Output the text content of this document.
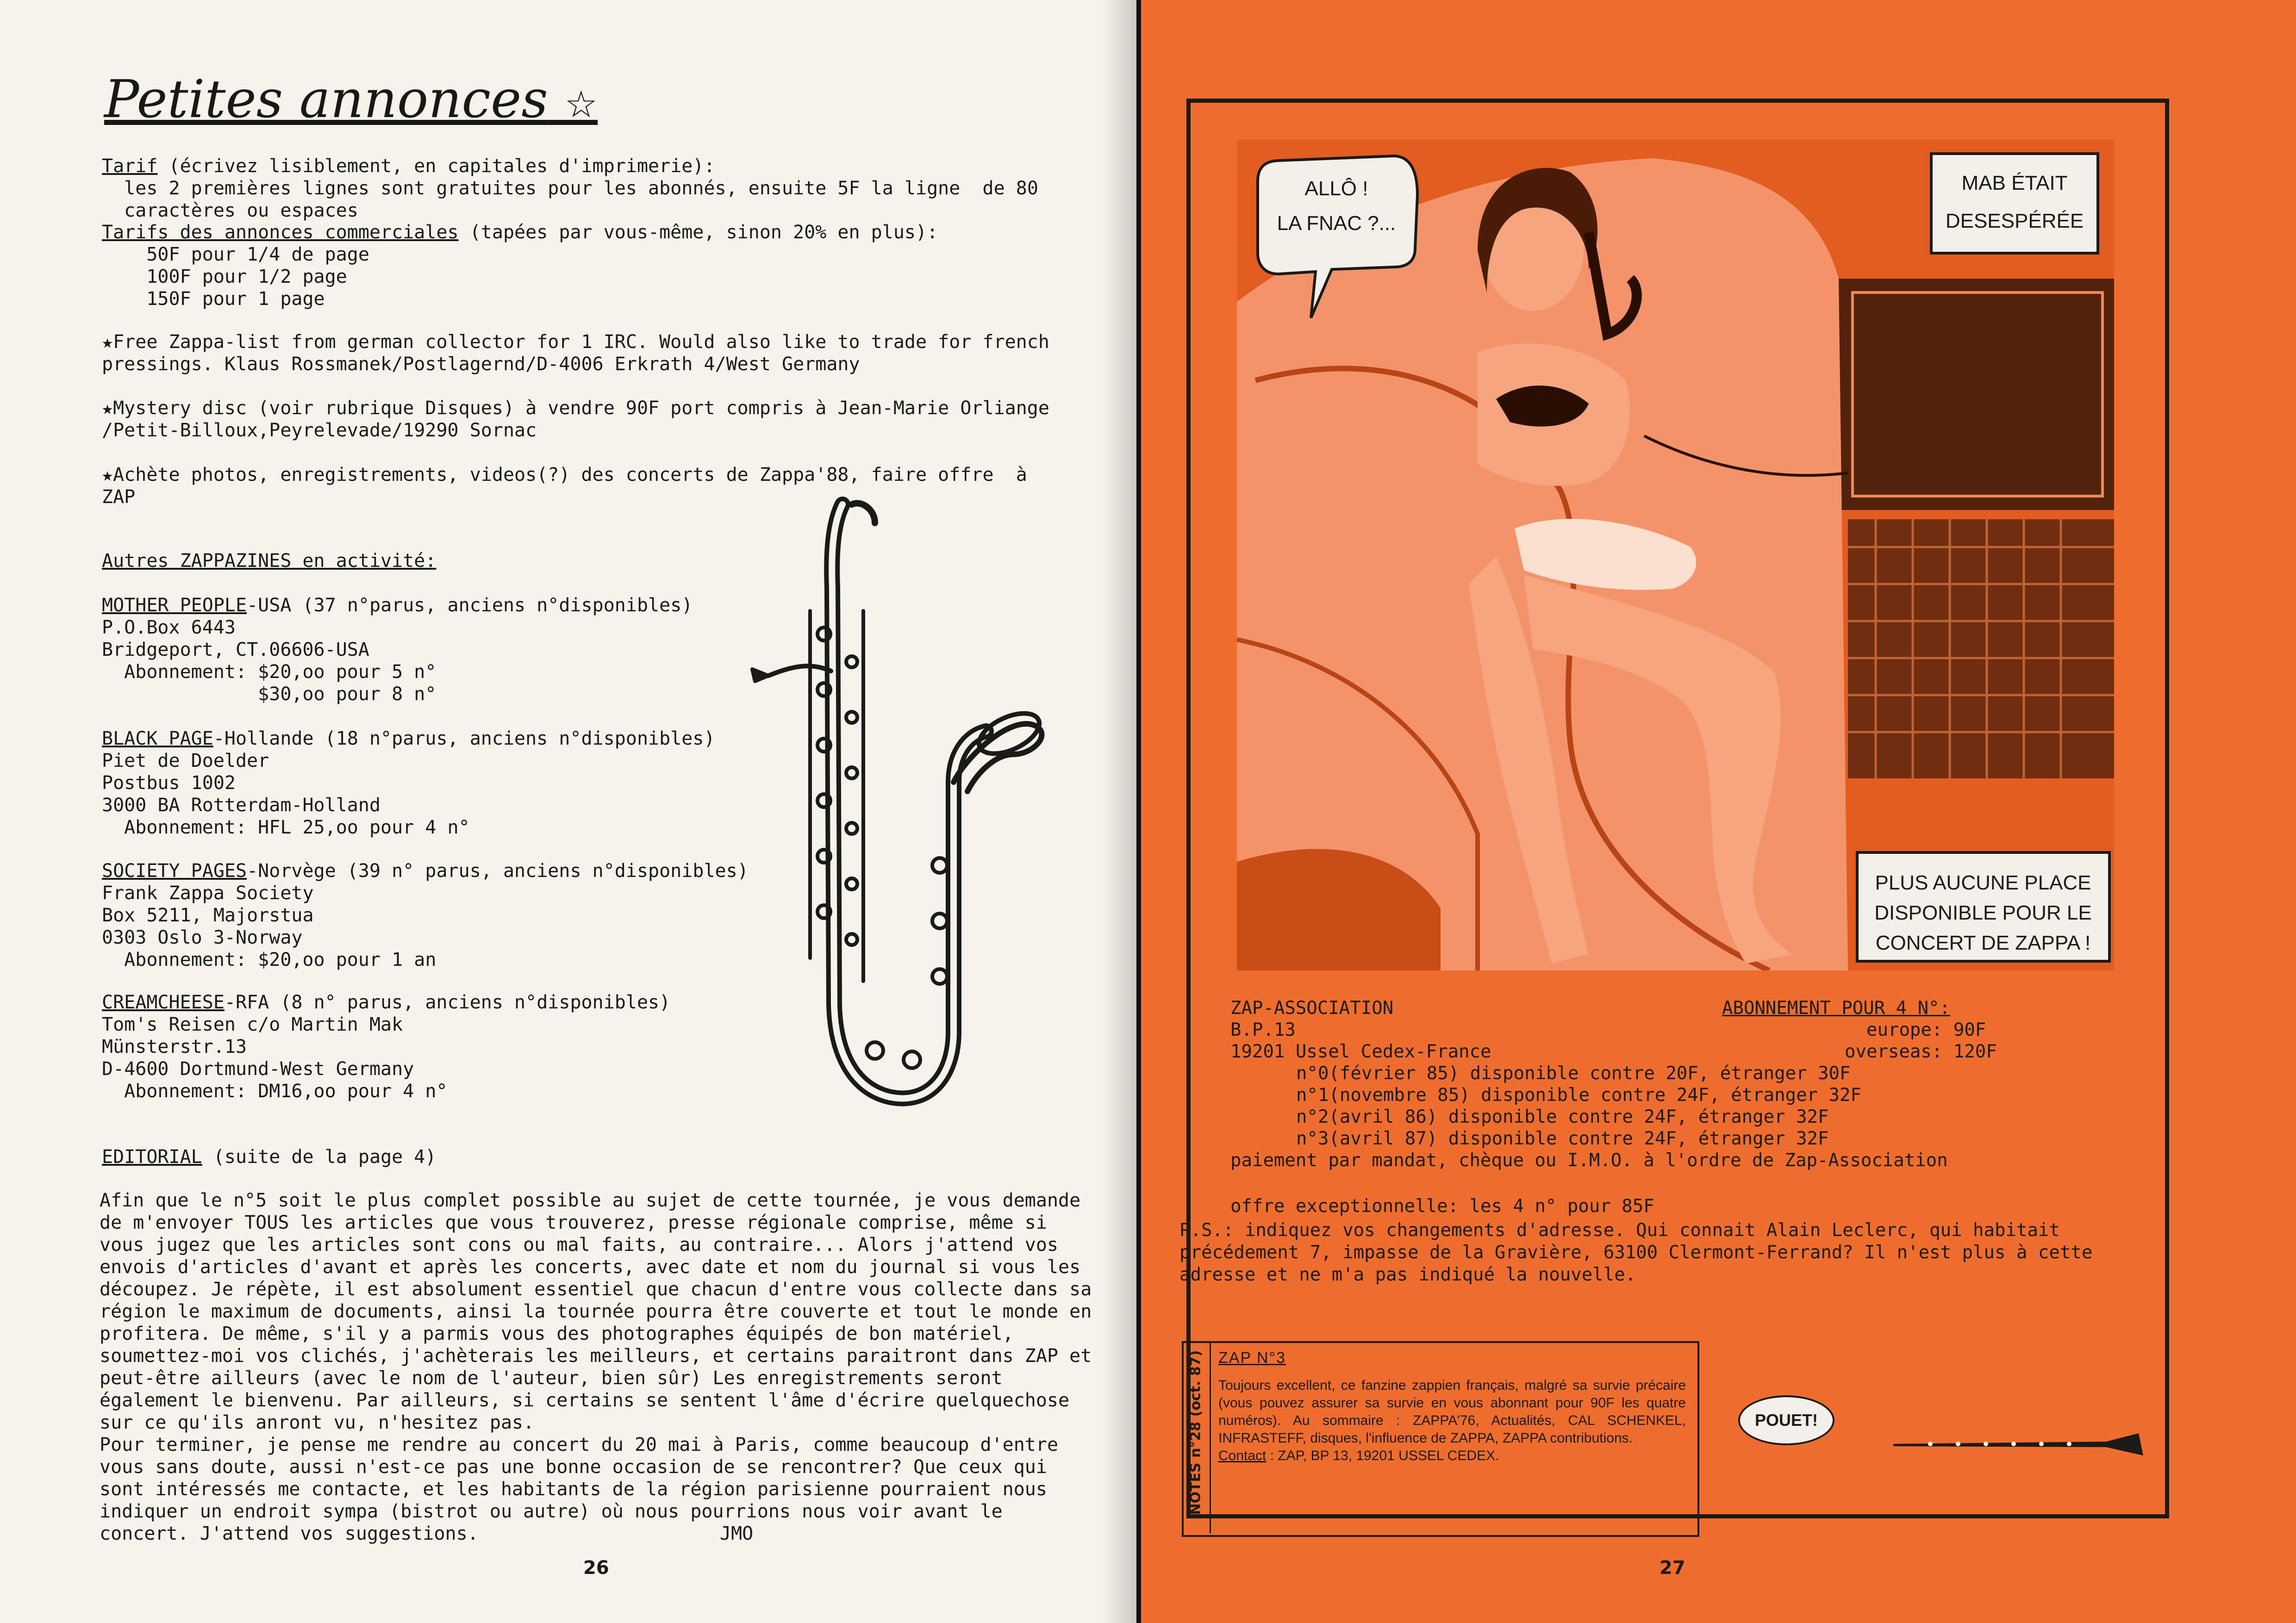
Petites annonces ☆
Tarif (écrivez lisiblement, en capitales d'imprimerie):
les 2 premières lignes sont gratuites pour les abonnés, ensuite 5F la ligne  de 80
caractères ou espaces
Tarifs des annonces commerciales (tapées par vous-même, sinon 20% en plus):
50F pour 1/4 de page
100F pour 1/2 page
150F pour 1 page
★Free Zappa-list from german collector for 1 IRC. Would also like to trade for french
pressings. Klaus Rossmanek/Postlagernd/D-4006 Erkrath 4/West Germany
★Mystery disc (voir rubrique Disques) à vendre 90F port compris à Jean-Marie Orliange
/Petit-Billoux,Peyrelevade/19290 Sornac
★Achète photos, enregistrements, videos(?) des concerts de Zappa'88, faire offre  à
ZAP
Autres ZAPPAZINES en activité:
MOTHER PEOPLE-USA (37 n°parus, anciens n°disponibles)
P.O.Box 6443
Bridgeport, CT.06606-USA
Abonnement: $20,oo pour 5 n°
$30,oo pour 8 n°
BLACK PAGE-Hollande (18 n°parus, anciens n°disponibles)
Piet de Doelder
Postbus 1002
3000 BA Rotterdam-Holland
Abonnement: HFL 25,oo pour 4 n°
SOCIETY PAGES-Norvège (39 n° parus, anciens n°disponibles)
Frank Zappa Society
Box 5211, Majorstua
0303 Oslo 3-Norway
Abonnement: $20,oo pour 1 an
CREAMCHEESE-RFA (8 n° parus, anciens n°disponibles)
Tom's Reisen c/o Martin Mak
Münsterstr.13
D-4600 Dortmund-West Germany
Abonnement: DM16,oo pour 4 n°
EDITORIAL (suite de la page 4)
Afin que le n°5 soit le plus complet possible au sujet de cette tournée, je vous demande de m'envoyer TOUS les articles que vous trouverez, presse régionale comprise, même si vous jugez que les articles sont cons ou mal faits, au contraire... Alors j'attend vos envois d'articles d'avant et après les concerts, avec date et nom du journal si vous les découpez. Je répète, il est absolument essentiel que chacun d'entre vous collecte dans sa région le maximum de documents, ainsi la tournée pourra être couverte et tout le monde en profitera. De même, s'il y a parmis vous des photographes équipés de bon matériel, soumettez-moi vos clichés, j'achèterais les meilleurs, et certains paraitront dans ZAP et peut-être ailleurs (avec le nom de l'auteur, bien sûr) Les enregistrements seront également le bienvenu. Par ailleurs, si certains se sentent l'âme d'écrire quelquechose sur ce qu'ils anront vu, n'hesitez pas.
Pour terminer, je pense me rendre au concert du 20 mai à Paris, comme beaucoup d'entre vous sans doute, aussi n'est-ce pas une bonne occasion de se rencontrer? Que ceux qui sont intéressés me contacte, et les habitants de la région parisienne pourraient nous indiquer un endroit sympa (bistrot ou autre) où nous pourrions nous voir avant le concert. J'attend vos suggestions.	JMO
26
ALLÔ !
LA FNAC ?...
MAB ÉTAIT
DESESPÉRÉE
PLUS AUCUNE PLACE
DISPONIBLE POUR LE
CONCERT DE ZAPPA !
ZAP-ASSOCIATION
B.P.13
19201 Ussel Cedex-France
ABONNEMENT POUR 4 N°:
europe: 90F
overseas: 120F
n°0(février 85) disponible contre 20F, étranger 30F
n°1(novembre 85) disponible contre 24F, étranger 32F
n°2(avril 86) disponible contre 24F, étranger 32F
n°3(avril 87) disponible contre 24F, étranger 32F
paiement par mandat, chèque ou I.M.O. à l'ordre de Zap-Association
offre exceptionnelle: les 4 n° pour 85F
P.S.: indiquez vos changements d'adresse. Qui connait Alain Leclerc, qui habitait précédement 7, impasse de la Gravière, 63100 Clermont-Ferrand? Il n'est plus à cette adresse et ne m'a pas indiqué la nouvelle.
NOTES n°28 (oct. 87) ZAP N°3
Toujours excellent, ce fanzine zappien français, malgré sa survie précaire (vous pouvez assurer sa survie en vous abonnant pour 90F les quatre numéros). Au sommaire : ZAPPA'76, Actualités, CAL SCHENKEL, INFRASTEFF, disques, l'influence de ZAPPA, ZAPPA contributions.
Contact : ZAP, BP 13, 19201 USSEL CEDEX.
POUET!
27
